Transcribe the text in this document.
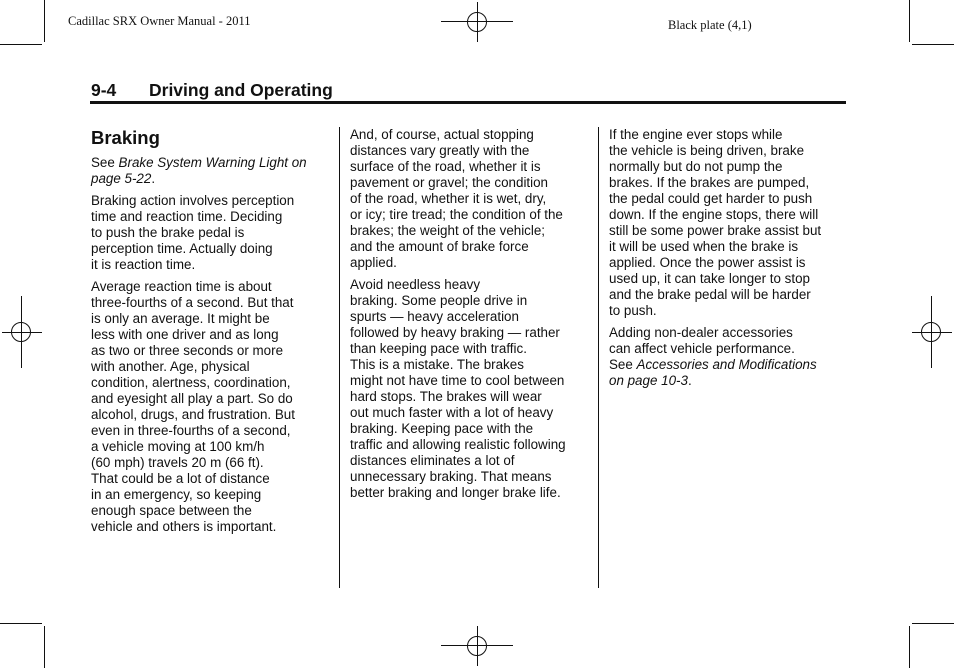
Cadillac SRX Owner Manual - 2011	Black plate (4,1)
9-4 Driving and Operating
Braking

See Brake System Warning Light on page 5-22.

Braking action involves perception
time and reaction time. Deciding
to push the brake pedal is
perception time. Actually doing
it is reaction time.

Average reaction time is about
three-fourths of a second. But that
is only an average. It might be
less with one driver and as long
as two or three seconds or more
with another. Age, physical
condition, alertness, coordination,
and eyesight all play a part. So do
alcohol, drugs, and frustration. But
even in three-fourths of a second,
a vehicle moving at 100 km/h
(60 mph) travels 20 m (66 ft).
That could be a lot of distance
in an emergency, so keeping
enough space between the
vehicle and others is important.

And, of course, actual stopping
distances vary greatly with the
surface of the road, whether it is
pavement or gravel; the condition
of the road, whether it is wet, dry,
or icy; tire tread; the condition of the
brakes; the weight of the vehicle;
and the amount of brake force
applied.

Avoid needless heavy
braking. Some people drive in
spurts — heavy acceleration
followed by heavy braking — rather
than keeping pace with traffic.
This is a mistake. The brakes
might not have time to cool between
hard stops. The brakes will wear
out much faster with a lot of heavy
braking. Keeping pace with the
traffic and allowing realistic following
distances eliminates a lot of
unnecessary braking. That means
better braking and longer brake life.

If the engine ever stops while
the vehicle is being driven, brake
normally but do not pump the
brakes. If the brakes are pumped,
the pedal could get harder to push
down. If the engine stops, there will
still be some power brake assist but
it will be used when the brake is
applied. Once the power assist is
used up, it can take longer to stop
and the brake pedal will be harder
to push.

Adding non-dealer accessories
can affect vehicle performance.
See Accessories and Modifications
on page 10-3.
